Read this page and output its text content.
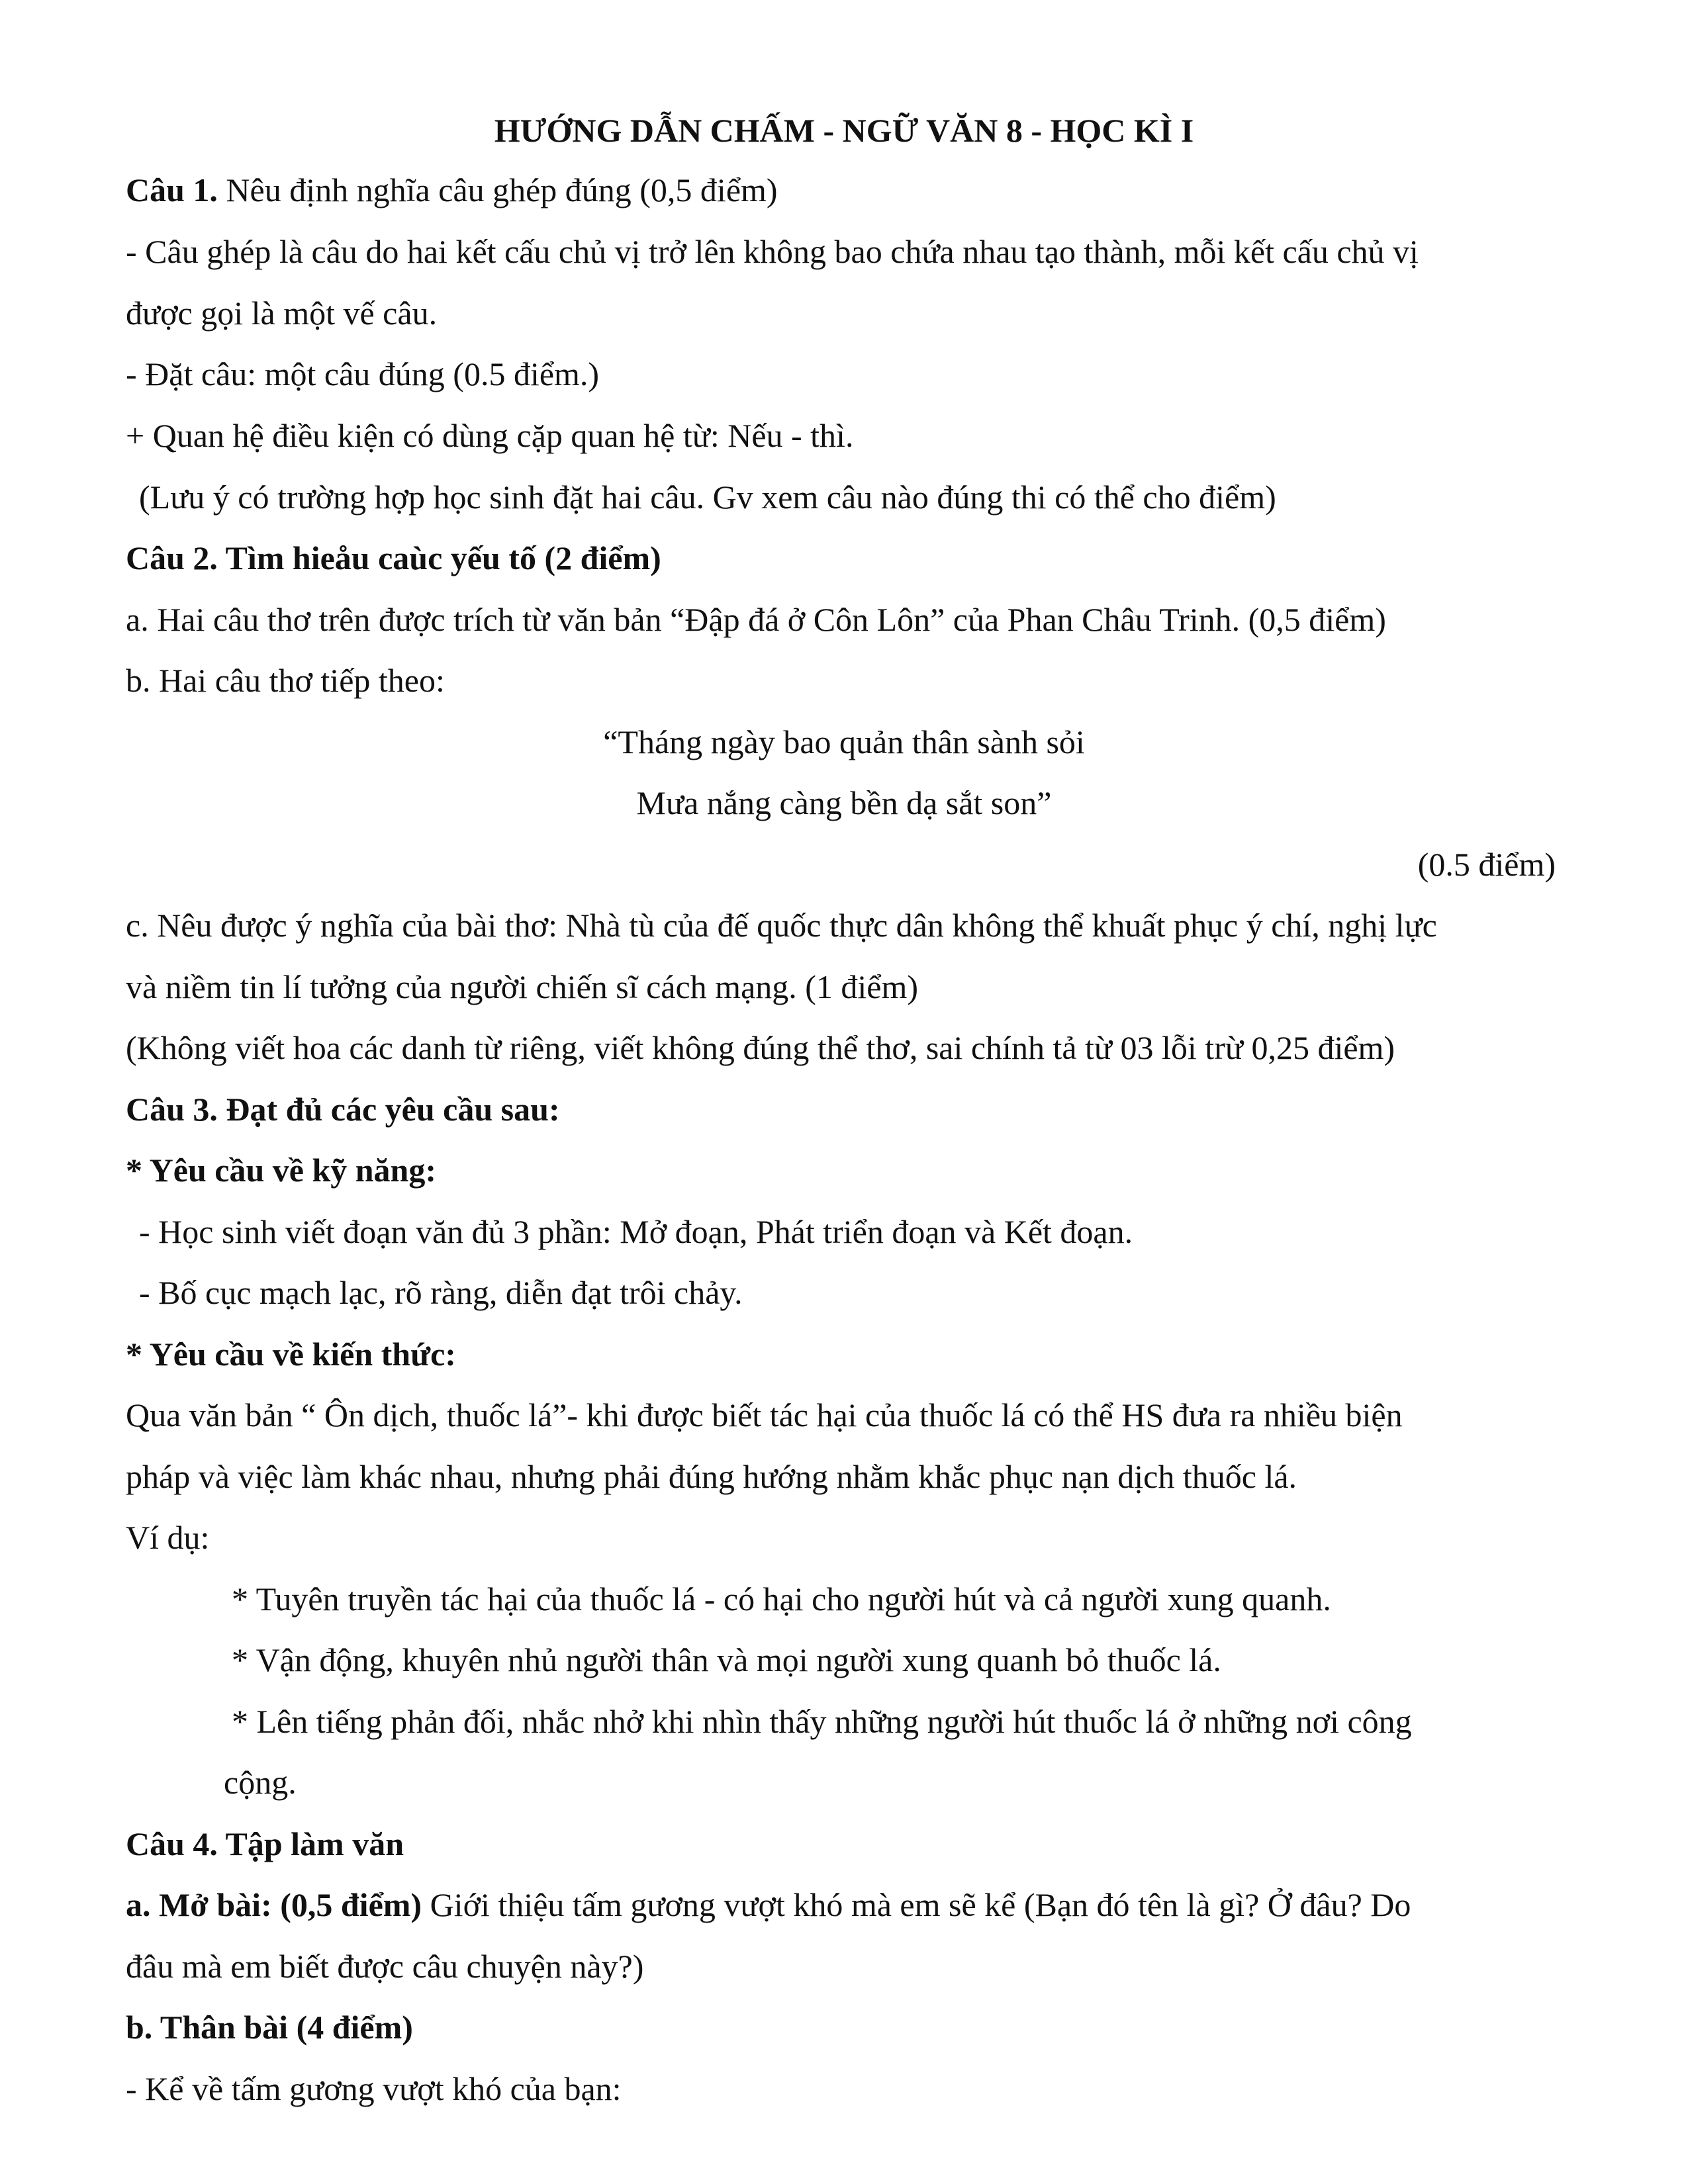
HƯỚNG DẪN CHẤM - NGỮ VĂN 8 - HỌC KÌ I
Câu 1. Nêu định nghĩa câu ghép đúng (0,5 điểm)
- Câu ghép là câu do hai kết cấu chủ vị trở lên không bao chứa nhau tạo thành, mỗi kết cấu chủ vị
được gọi là một vế câu.
- Đặt câu: một câu đúng (0.5 điểm.)
+ Quan hệ điều kiện có dùng cặp quan hệ từ: Nếu - thì.
(Lưu ý có trường hợp học sinh đặt hai câu. Gv xem câu nào đúng thi có thể cho điểm)
Câu 2. Tìm hieåu caùc yếu tố (2 điểm)
a. Hai câu thơ trên được trích từ văn bản “Đập đá ở Côn Lôn” của Phan Châu Trinh. (0,5 điểm)
b. Hai câu thơ tiếp theo:
“Tháng ngày bao quản thân sành sỏi
Mưa nắng càng bền dạ sắt son”
(0.5 điểm)
c. Nêu được ý nghĩa của bài thơ: Nhà tù của đế quốc thực dân không thể khuất phục ý chí, nghị lực
và niềm tin lí tưởng của người chiến sĩ cách mạng. (1 điểm)
(Không viết hoa các danh từ riêng, viết không đúng thể thơ, sai chính tả từ 03 lỗi trừ 0,25 điểm)
Câu 3. Đạt đủ các yêu cầu sau:
* Yêu cầu về kỹ năng:
- Học sinh viết đoạn văn đủ 3 phần: Mở đoạn, Phát triển đoạn và Kết đoạn.
- Bố cục mạch lạc, rõ ràng, diễn đạt trôi chảy.
* Yêu cầu về kiến thức:
Qua văn bản “ Ôn dịch, thuốc lá”- khi được biết tác hại của thuốc lá có thể HS đưa ra nhiều biện
pháp và việc làm khác nhau, nhưng phải đúng hướng nhằm khắc phục nạn dịch thuốc lá.
Ví dụ:
* Tuyên truyền tác hại của thuốc lá - có hại cho người hút và cả người xung quanh.
* Vận động, khuyên nhủ người thân và mọi người xung quanh bỏ thuốc lá.
* Lên tiếng phản đối, nhắc nhở khi nhìn thấy những người hút thuốc lá ở những nơi công
cộng.
Câu 4. Tập làm văn
a. Mở bài: (0,5 điểm) Giới thiệu tấm gương vượt khó mà em sẽ kể (Bạn đó tên là gì? Ở đâu? Do
đâu mà em biết được câu chuyện này?)
b. Thân bài (4 điểm)
- Kể về tấm gương vượt khó của bạn:
